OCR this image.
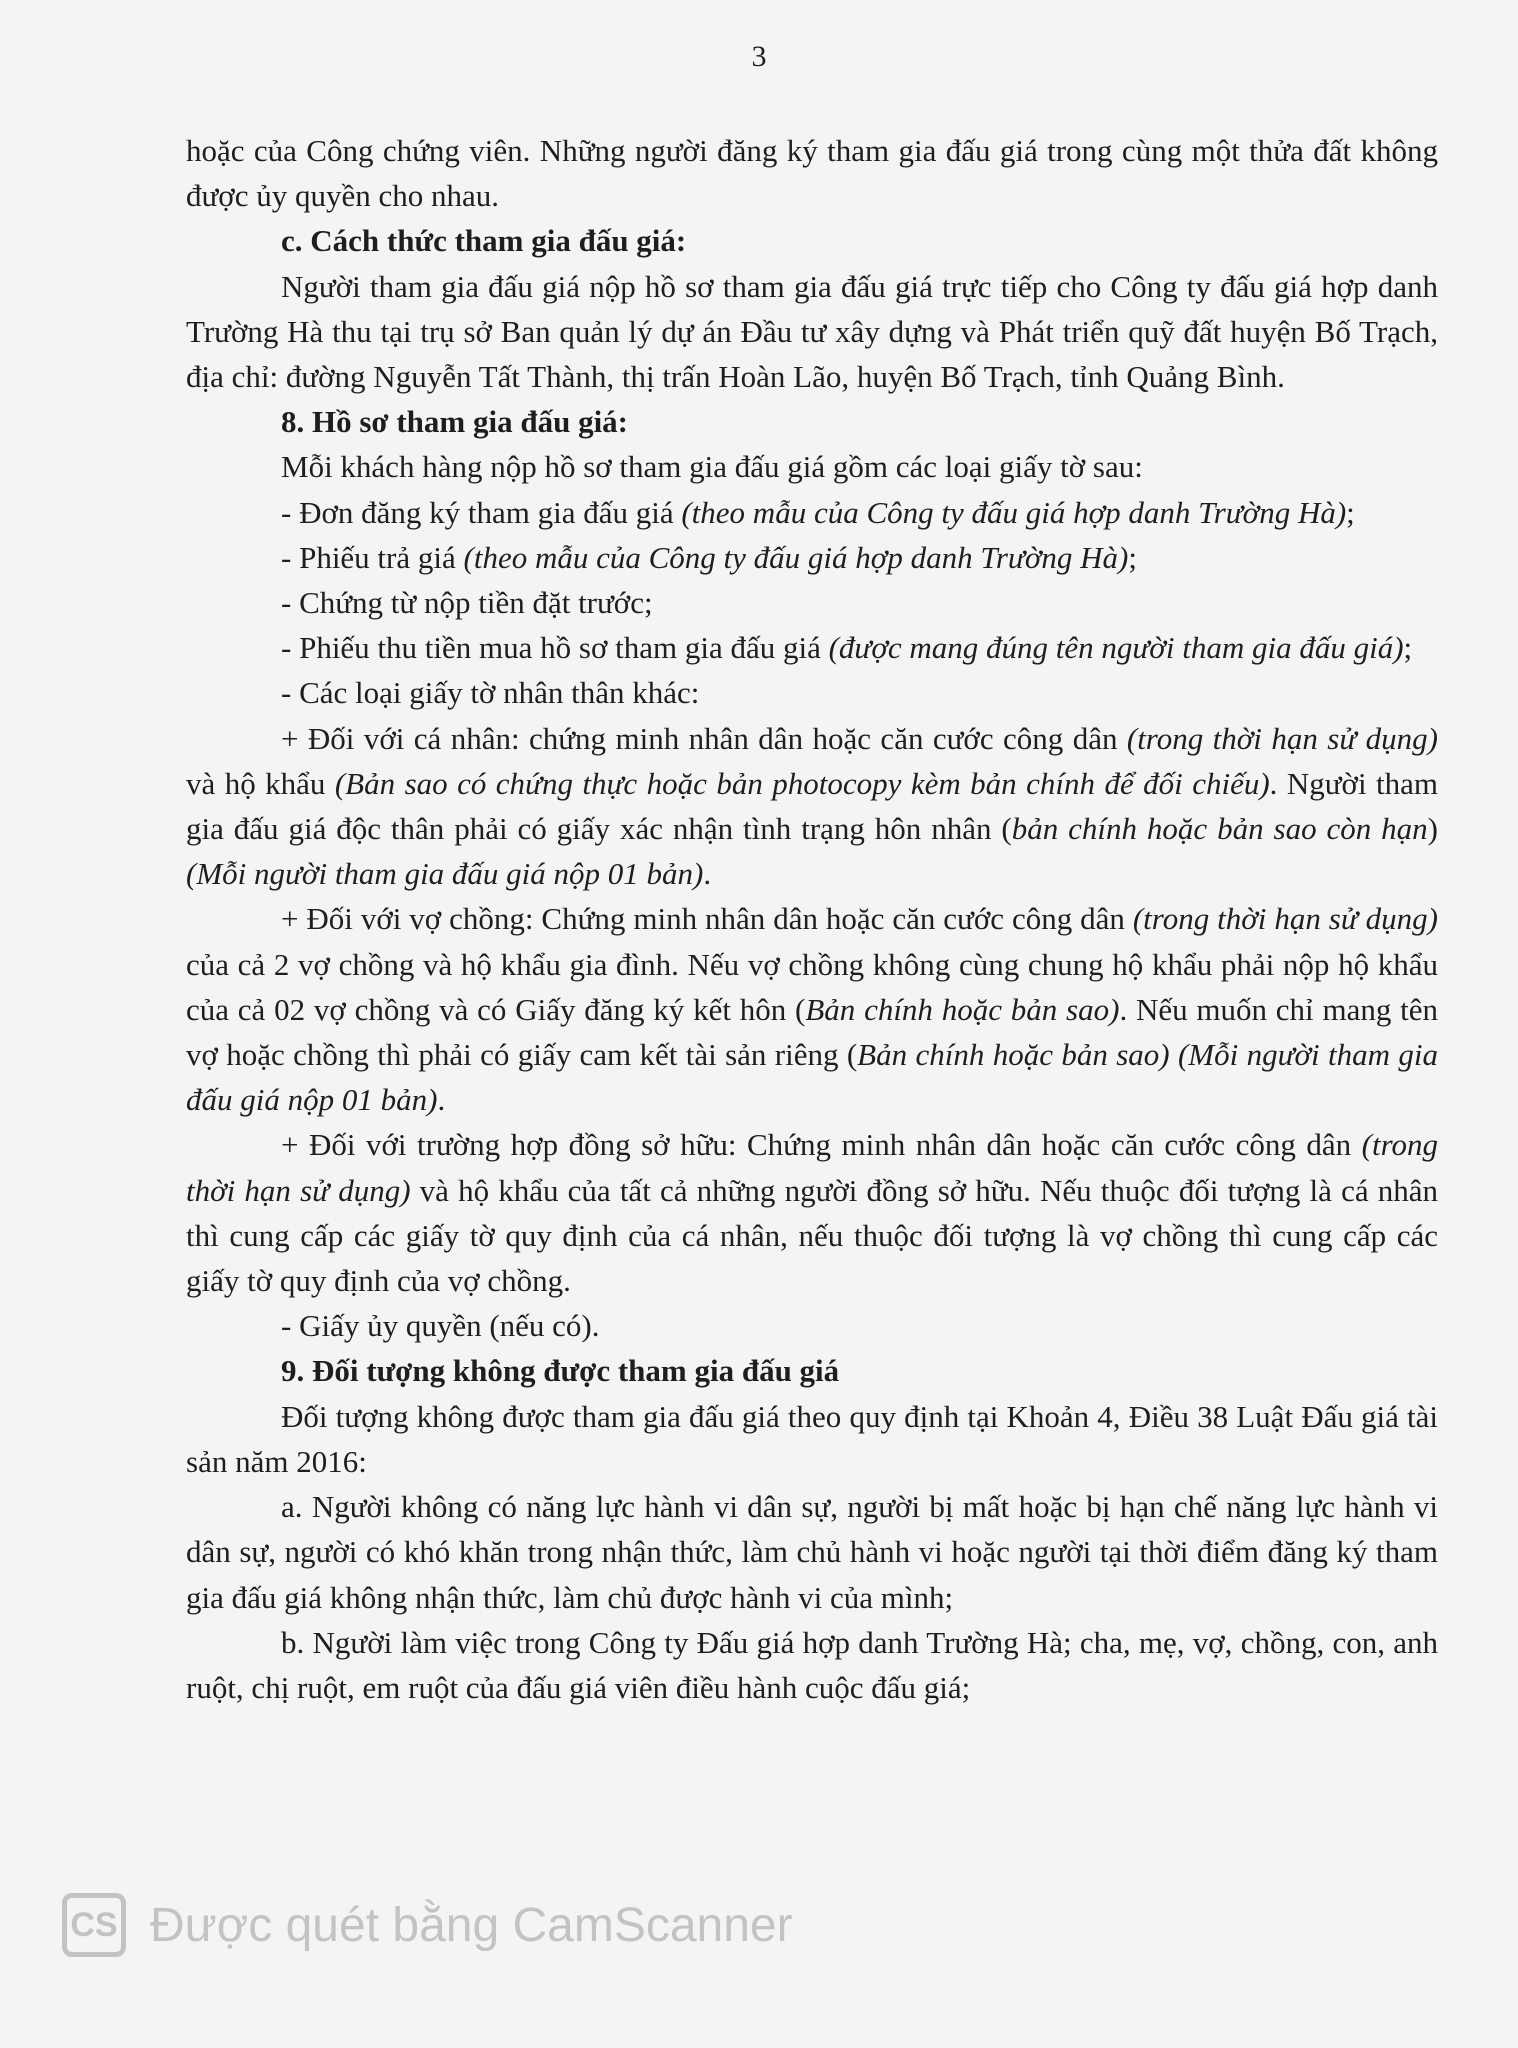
3

hoặc của Công chứng viên. Những người đăng ký tham gia đấu giá trong cùng một thửa đất không được ủy quyền cho nhau.

c. Cách thức tham gia đấu giá:

Người tham gia đấu giá nộp hồ sơ tham gia đấu giá trực tiếp cho Công ty đấu giá hợp danh Trường Hà thu tại trụ sở Ban quản lý dự án Đầu tư xây dựng và Phát triển quỹ đất huyện Bố Trạch, địa chỉ: đường Nguyễn Tất Thành, thị trấn Hoàn Lão, huyện Bố Trạch, tỉnh Quảng Bình.

8. Hồ sơ tham gia đấu giá:

Mỗi khách hàng nộp hồ sơ tham gia đấu giá gồm các loại giấy tờ sau:

- Đơn đăng ký tham gia đấu giá (theo mẫu của Công ty đấu giá hợp danh Trường Hà);

- Phiếu trả giá (theo mẫu của Công ty đấu giá hợp danh Trường Hà);

- Chứng từ nộp tiền đặt trước;

- Phiếu thu tiền mua hồ sơ tham gia đấu giá (được mang đúng tên người tham gia đấu giá);

- Các loại giấy tờ nhân thân khác:

+ Đối với cá nhân: chứng minh nhân dân hoặc căn cước công dân (trong thời hạn sử dụng) và hộ khẩu (Bản sao có chứng thực hoặc bản photocopy kèm bản chính để đối chiếu). Người tham gia đấu giá độc thân phải có giấy xác nhận tình trạng hôn nhân (bản chính hoặc bản sao còn hạn) (Mỗi người tham gia đấu giá nộp 01 bản).

+ Đối với vợ chồng: Chứng minh nhân dân hoặc căn cước công dân (trong thời hạn sử dụng) của cả 2 vợ chồng và hộ khẩu gia đình. Nếu vợ chồng không cùng chung hộ khẩu phải nộp hộ khẩu của cả 02 vợ chồng và có Giấy đăng ký kết hôn (Bản chính hoặc bản sao). Nếu muốn chỉ mang tên vợ hoặc chồng thì phải có giấy cam kết tài sản riêng (Bản chính hoặc bản sao) (Mỗi người tham gia đấu giá nộp 01 bản).

+ Đối với trường hợp đồng sở hữu: Chứng minh nhân dân hoặc căn cước công dân (trong thời hạn sử dụng) và hộ khẩu của tất cả những người đồng sở hữu. Nếu thuộc đối tượng là cá nhân thì cung cấp các giấy tờ quy định của cá nhân, nếu thuộc đối tượng là vợ chồng thì cung cấp các giấy tờ quy định của vợ chồng.

- Giấy ủy quyền (nếu có).

9. Đối tượng không được tham gia đấu giá

Đối tượng không được tham gia đấu giá theo quy định tại Khoản 4, Điều 38 Luật Đấu giá tài sản năm 2016:

a. Người không có năng lực hành vi dân sự, người bị mất hoặc bị hạn chế năng lực hành vi dân sự, người có khó khăn trong nhận thức, làm chủ hành vi hoặc người tại thời điểm đăng ký tham gia đấu giá không nhận thức, làm chủ được hành vi của mình;

b. Người làm việc trong Công ty Đấu giá hợp danh Trường Hà; cha, mẹ, vợ, chồng, con, anh ruột, chị ruột, em ruột của đấu giá viên điều hành cuộc đấu giá;

CS Được quét bằng CamScanner
